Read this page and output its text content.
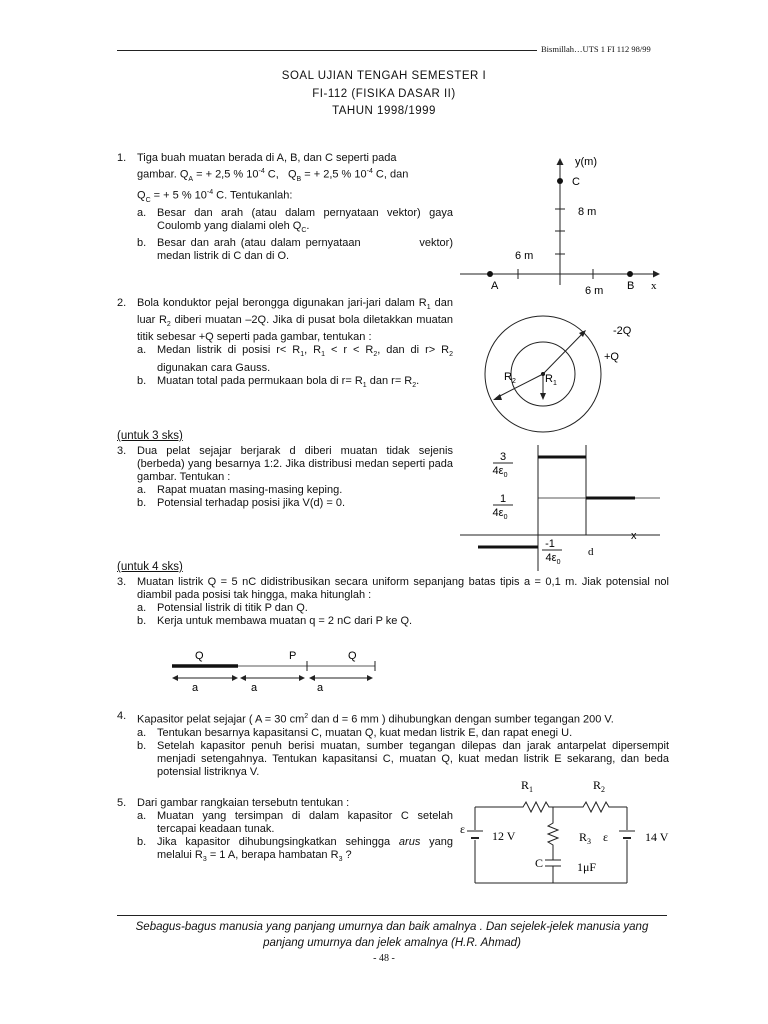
Bismillah…UTS 1 FI 112 98/99
SOAL UJIAN TENGAH SEMESTER I
FI-112 (FISIKA DASAR II)
TAHUN 1998/1999
1. Tiga buah muatan berada di A, B, dan C seperti pada
gambar. $Q_A$ = + 2,5 % $10^{-4}$ C, $Q_B$ = + 2,5 % $10^{-4}$ C, dan
$Q_C$ = + 5 % $10^{-4}$ C. Tentukanlah:
a. Besar dan arah (atau dalam pernyataan vektor) gaya Coulomb yang dialami oleh $Q_C$.
b. Besar dan arah (atau dalam pernyataan            vektor) medan listrik di C dan di O.
y(m)
C
8 m
6 m
A	6 m B x
2. Bola konduktor pejal berongga digunakan jari-jari dalam $R_1$ dan luar $R_2$ diberi muatan –2Q. Jika di pusat bola diletakkan muatan titik sebesar +Q seperti pada gambar, tentukan :
a. Medan listrik di posisi $r< R_1$, $R_1 < r < R_2$, dan di $r> R_2$ digunakan cara Gauss.
b. Muatan total pada permukaan bola di $r= R_1$ dan $r= R_2$.
-2Q
+Q
$R_2$	$R_1$
(untuk 3 sks)
3. Dua pelat sejajar berjarak d diberi muatan tidak sejenis (berbeda) yang besarnya 1:2. Jika distribusi medan seperti pada gambar. Tentukan :
a. Rapat muatan masing-masing keping.
b. Potensial terhadap posisi jika V(d) = 0.
3
$4\varepsilon_0$
1
$4\varepsilon_0$
-1
$4\varepsilon_0$
x
d
(untuk 4 sks)
3. Muatan listrik Q = 5 nC didistribusikan secara uniform sepanjang batas tipis a = 0,1 m. Jiak potensial nol diambil pada posisi tak hingga, maka hitunglah :
a. Potensial listrik di titik P dan Q.
b. Kerja untuk membawa muatan q = 2 nC dari P ke Q.
Q	P	Q
a	a	a
4. Kapasitor pelat sejajar ( A = 30 $cm^2$ dan d = 6 mm ) dihubungkan dengan sumber tegangan 200 V.
a. Tentukan besarnya kapasitansi C, muatan Q, kuat medan listrik E, dan rapat enegi U.
b. Setelah kapasitor penuh berisi muatan, sumber tegangan dilepas dan jarak antarpelat dipersempit menjadi setengahnya. Tentukan kapasitansi C, muatan Q, kuat medan listrik E sekarang, dan beda potensial listriknya V.
5. Dari gambar rangkaian tersebutn tentukan :
a. Muatan yang tersimpan di dalam kapasitor C setelah tercapai keadaan tunak.
b. Jika kapasitor dihubungsingkatkan sehingga arus yang melalui $R_3 = 1$ A, berapa hambatan $R_3$ ?
$R_1$	$R_2$
ε 12 V	$R_3$ ε	14 V
C	1μF
Sebagus-bagus manusia yang panjang umurnya dan baik amalnya . Dan sejelek-jelek manusia yang
panjang umurnya dan jelek amalnya (H.R. Ahmad)
- 48 -
